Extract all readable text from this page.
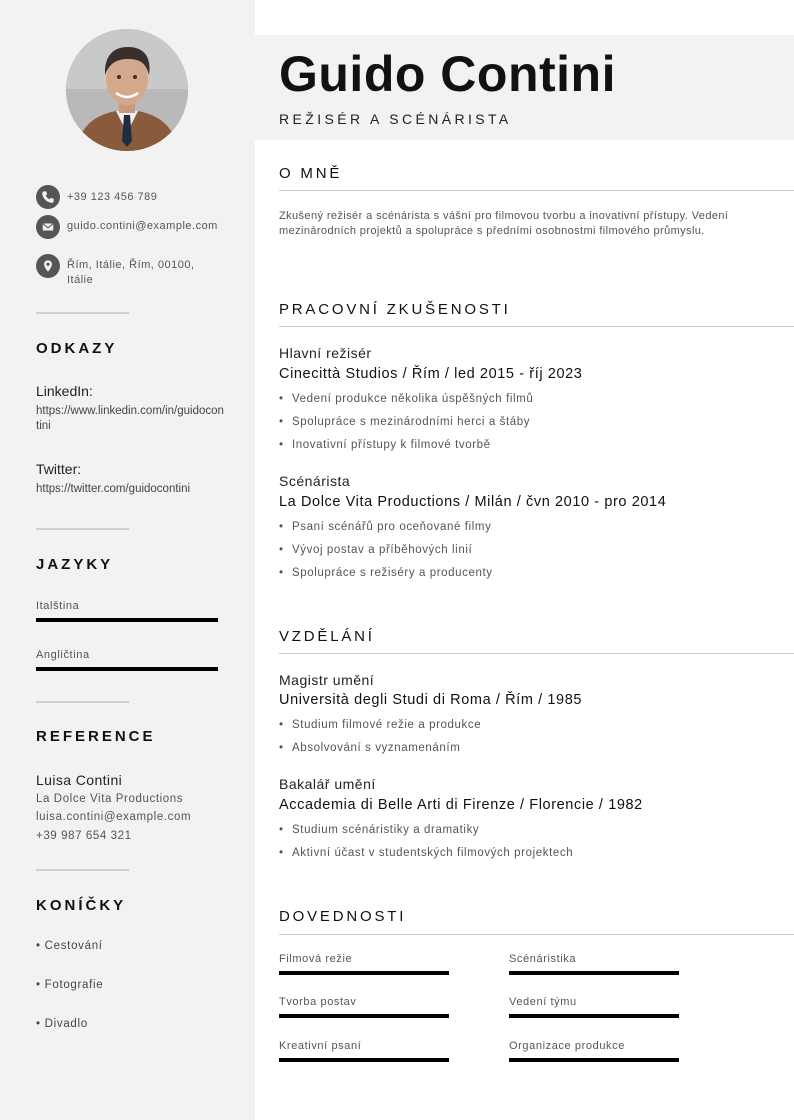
+39 123 456 789
guido.contini@example.com
Řím, Itálie, Řím, 00100, Itálie
ODKAZY
LinkedIn:
https://www.linkedin.com/in/guidocontini
Twitter:
https://twitter.com/guidocontini
JAZYKY
Italština
Angličtina
REFERENCE
Luisa Contini
La Dolce Vita Productions
luisa.contini@example.com
+39 987 654 321
KONÍČKY
• Cestování
• Fotografie
• Divadlo
Guido Contini
REŽISÉR A SCÉNÁRISTA
O MNĚ
Zkušený režisér a scénárista s vášní pro filmovou tvorbu a inovativní přístupy. Vedení mezinárodních projektů a spolupráce s předními osobnostmi filmového průmyslu.
PRACOVNÍ ZKUŠENOSTI
Hlavní režisér
Cinecittà Studios / Řím / led 2015 - říj 2023
• Vedení produkce několika úspěšných filmů
• Spolupráce s mezinárodními herci a štáby
• Inovativní přístupy k filmové tvorbě
Scénárista
La Dolce Vita Productions / Milán / čvn 2010 - pro 2014
• Psaní scénářů pro oceňované filmy
• Vývoj postav a příběhových linií
• Spolupráce s režiséry a producenty
VZDĚLÁNÍ
Magistr umění
Università degli Studi di Roma / Řím / 1985
• Studium filmové režie a produkce
• Absolvování s vyznamenáním
Bakalář umění
Accademia di Belle Arti di Firenze / Florencie / 1982
• Studium scénáristiky a dramatiky
• Aktivní účast v studentských filmových projektech
DOVEDNOSTI
Filmová režie	Scénáristika
Tvorba postav	Vedení týmu
Kreativní psaní	Organizace produkce
